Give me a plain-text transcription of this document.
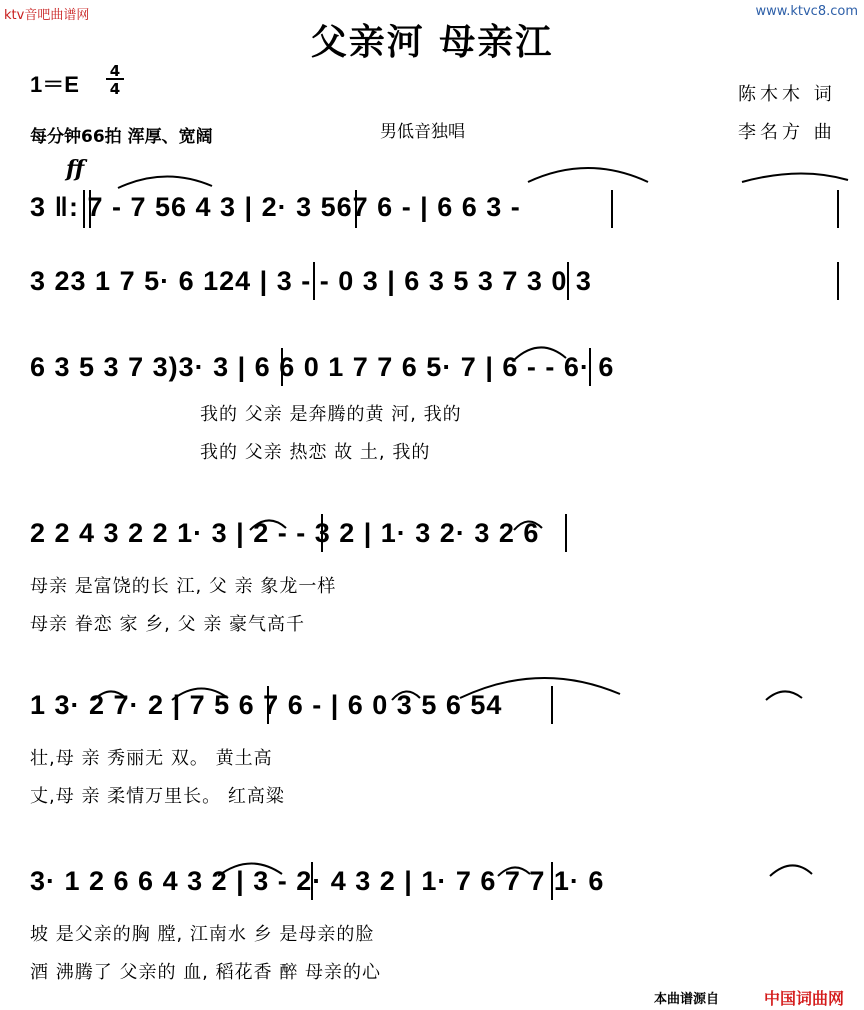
ktv音吧曲谱网	www.ktvc8.com
父亲河 母亲江
1＝E
4
4
每分钟66拍 浑厚、宽阔	男低音独唱
陈木木 词
李名方 曲
ff
3 ‖: 7 - 7 56 4 3 | 2· 3 567 6 - | 6 6 3 -
3 23 1 7 5· 6 124 | 3 - - 0 3 | 6 3 5 3 7 3 0 3
6 3 5 3 7 3)3· 3 | 6 6 0 1 7 7 6 5· 7 | 6 - - 6· 6
我的 父亲 是奔腾的黄 河, 我的
我的 父亲 热恋 故 土, 我的
2 2 4 3 2 2 1· 3 | 2 - - 3 2 | 1· 3 2· 3 2 6
母亲 是富饶的长 江, 父 亲 象龙一样
母亲 眷恋 家 乡, 父 亲 豪气高千
1 3· 2 7· 2 | 7 5 6 7 6 - | 6 0 3 5 6 54
壮,母 亲 秀丽无 双。 黄土高
丈,母 亲 柔情万里长。 红高粱
3· 1 2 6 6 4 3 2 | 3 - 2· 4 3 2 | 1· 7 6 7 7 1· 6
坡 是父亲的胸 膛, 江南水 乡 是母亲的脸
酒 沸腾了 父亲的 血, 稻花香 醉 母亲的心
本曲谱源自	中国词曲网
